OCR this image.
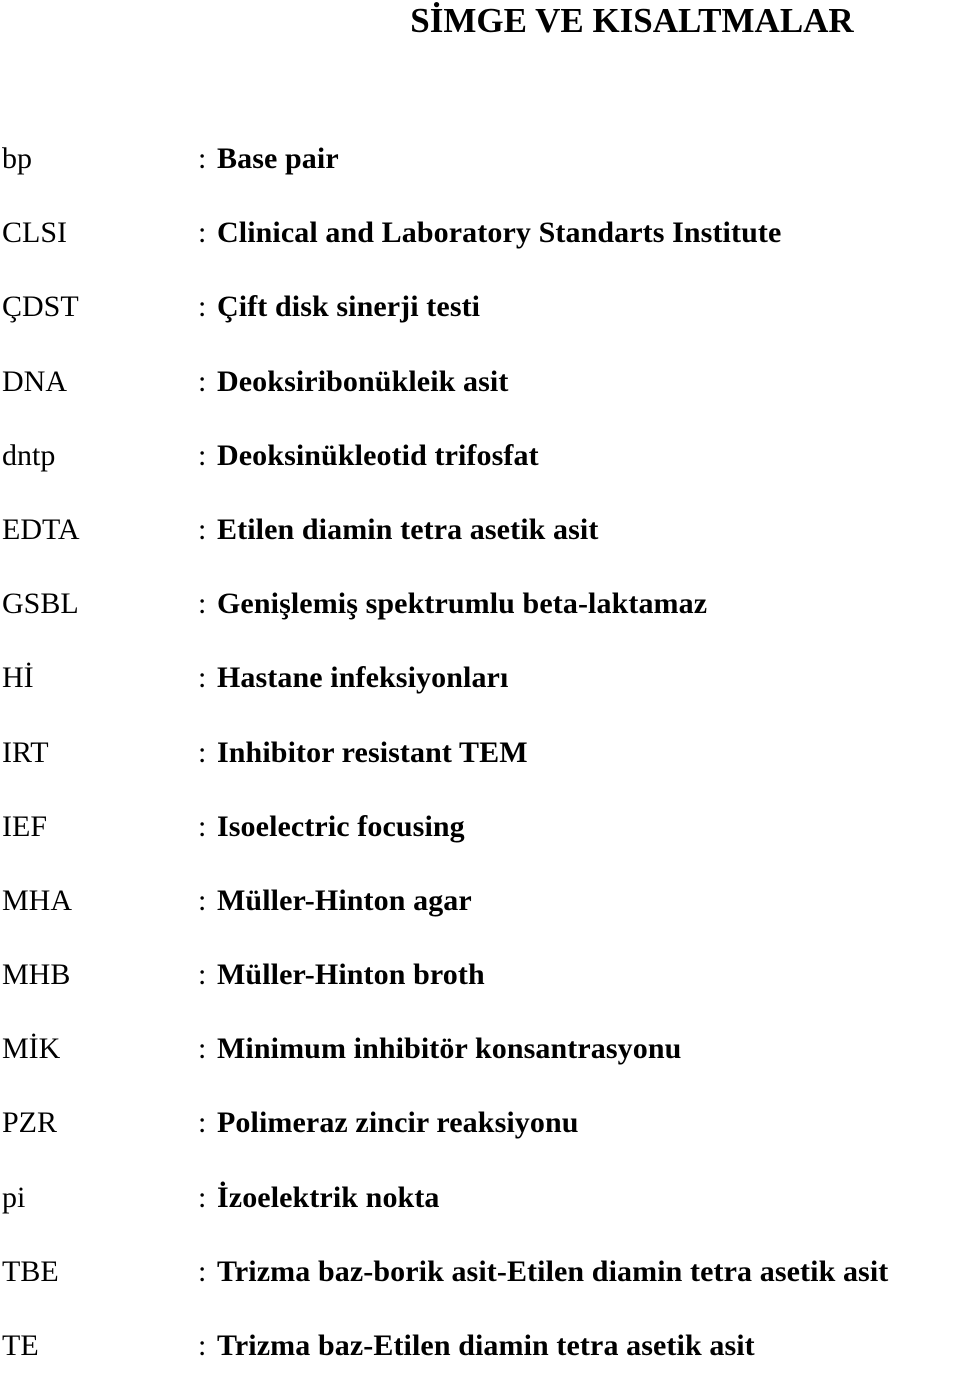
SİMGE VE KISALTMALAR
bp	: Base pair
CLSI	: Clinical and Laboratory Standarts Institute
ÇDST	: Çift disk sinerji testi
DNA	: Deoksiribonükleik asit
dntp	: Deoksinükleotid trifosfat
EDTA	: Etilen diamin tetra asetik asit
GSBL	: Genişlemiş spektrumlu beta-laktamaz
Hİ	: Hastane infeksiyonları
IRT	: Inhibitor resistant TEM
IEF	: Isoelectric focusing
MHA	: Müller-Hinton agar
MHB	: Müller-Hinton broth
MİK	: Minimum inhibitör konsantrasyonu
PZR	: Polimeraz zincir reaksiyonu
pi	: İzoelektrik nokta
TBE	: Trizma baz-borik asit-Etilen diamin tetra asetik asit
TE	: Trizma baz-Etilen diamin tetra asetik asit
